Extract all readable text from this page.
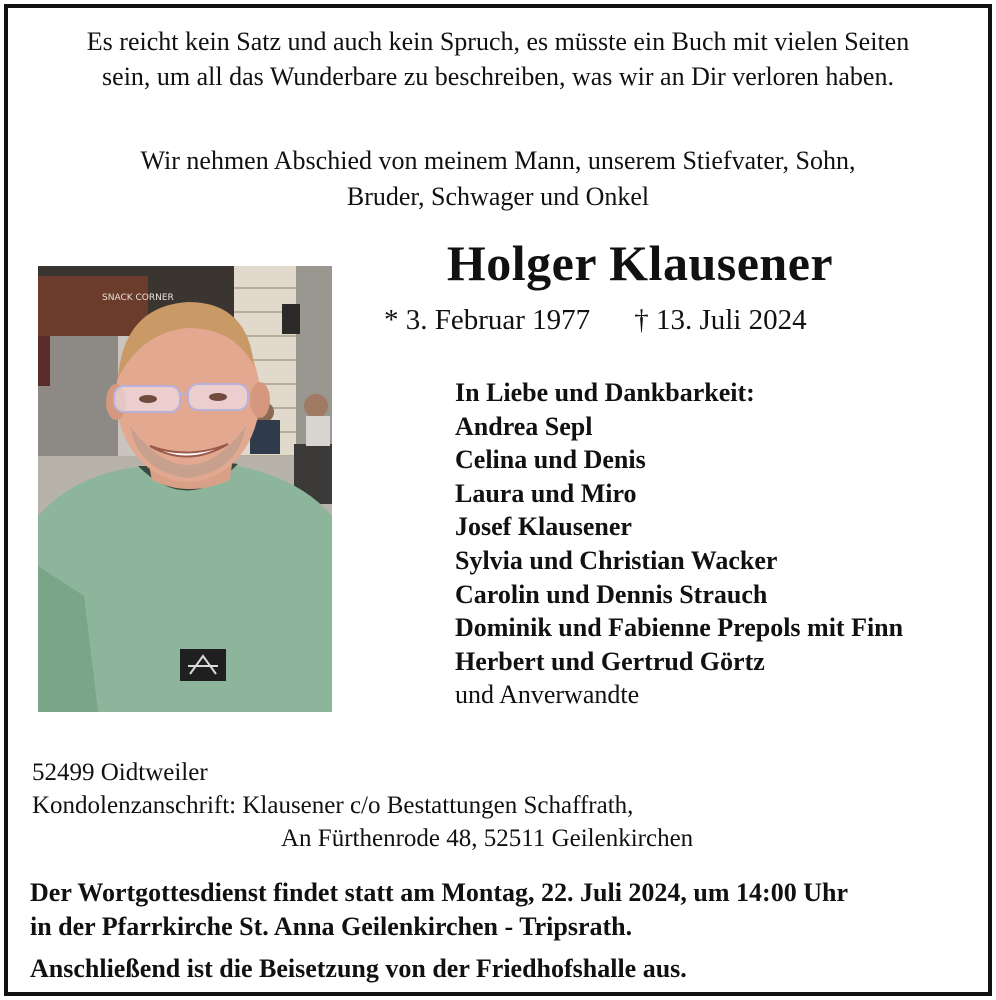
Es reicht kein Satz und auch kein Spruch, es müsste ein Buch mit vielen Seiten
sein, um all das Wunderbare zu beschreiben, was wir an Dir verloren haben.
Wir nehmen Abschied von meinem Mann, unserem Stiefvater, Sohn,
Bruder, Schwager und Onkel
Holger Klausener
* 3. Februar 1977 † 13. Juli 2024
SNACK CORNER
In Liebe und Dankbarkeit:
Andrea Sepl
Celina und Denis
Laura und Miro
Josef Klausener
Sylvia und Christian Wacker
Carolin und Dennis Strauch
Dominik und Fabienne Prepols mit Finn
Herbert und Gertrud Görtz
und Anverwandte
52499 Oidtweiler
Kondolenzanschrift: Klausener c/o Bestattungen Schaffrath,
An Fürthenrode 48, 52511 Geilenkirchen
Der Wortgottesdienst findet statt am Montag, 22. Juli 2024, um 14:00 Uhr
in der Pfarrkirche St. Anna Geilenkirchen - Tripsrath.
Anschließend ist die Beisetzung von der Friedhofshalle aus.
